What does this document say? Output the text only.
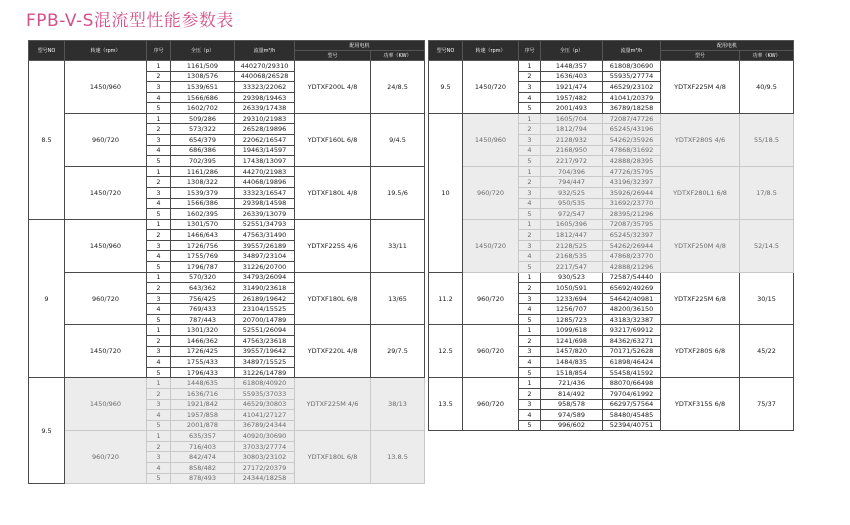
FPB-V-S混流型性能参数表
型号NO	转速（rpm）	序号	全压（p）	流量m³/h	配用电机	
					型号	功率（KW）
8.5	1450/960	1	1161/509	440270/29310	YDTXF200L 4/8	24/8.5
		2	1308/576	440068/26528		
		3	1539/651	33323/22062		
		4	1566/686	29398/19463		
		5	1602/702	26339/17438		
	960/720	1	509/286	29310/21983	YDTXF160L 6/8	9/4.5
		2	573/322	26528/19896		
		3	654/379	22062/16547		
		4	686/386	19463/14597		
		5	702/395	17438/13097		
	1450/720	1	1161/286	44270/21983	YDTXF180L 4/8	19.5/6
		2	1308/322	44068/19896		
		3	1539/379	33323/16547		
		4	1566/386	29398/14598		
		5	1602/395	26339/13079		
9	1450/960	1	1301/570	52551/34793	YDTXF225S 4/6	33/11
		2	1466/643	47563/31490		
		3	1726/756	39557/26189		
		4	1755/769	34897/23104		
		5	1796/787	31226/20700		
	960/720	1	570/320	34793/26094	YDTXF180L 6/8	13/65
		2	643/362	31490/23618		
		3	756/425	26189/19642		
		4	769/433	23104/15525		
		5	787/443	20700/14789		
	1450/720	1	1301/320	52551/26094	YDTXF220L 4/8	29/7.5
		2	1466/362	47563/23618		
		3	1726/425	39557/19642		
		4	1755/433	34897/15525		
		5	1796/433	31226/14789		
9.5	1450/960	1	1448/635	61808/40920	YDTXF225M 4/6	38/13
		2	1636/716	55935/37033		
		3	1921/842	46529/30803		
		4	1957/858	41041/27127		
		5	2001/878	36789/24344		
	960/720	1	635/357	40920/30690	YDTXF180L 6/8	13.8.5
		2	716/403	37033/27774		
		3	842/474	30803/23102		
		4	858/482	27172/20379		
		5	878/493	24344/18258		
型号NO	转速（rpm）	序号	全压（p）	流量m³/h	配用电机	
					型号	功率（KW）
9.5	1450/720	1	1448/357	61808/30690	YDTXF225M 4/8	40/9.5
		2	1636/403	55935/27774		
		3	1921/474	46529/23102		
		4	1957/482	41041/20379		
		5	2001/493	36789/18258		
10	1450/960	1	1605/704	72087/47726	YDTXF280S 4/6	55/18.5
		2	1812/794	65245/43196		
		3	2128/932	54262/35926		
		4	2168/950	47868/31692		
		5	2217/972	42888/28395		
	960/720	1	704/396	47726/35795	YDTXF280L1 6/8	17/8.5
		2	794/447	43196/32397		
		3	932/525	35926/26944		
		4	950/535	31692/23770		
		5	972/547	28395/21296		
	1450/720	1	1605/396	72087/35795	YDTXF250M 4/8	52/14.5
		2	1812/447	65245/32397		
		3	2128/525	54262/26944		
		4	2168/535	47868/23770		
		5	2217/547	42888/21296		
11.2	960/720	1	930/523	72587/54440	YDTXF225M 6/8	30/15
		2	1050/591	65692/49269		
		3	1233/694	54642/40981		
		4	1256/707	48200/36150		
		5	1285/723	43183/32387		
12.5	960/720	1	1099/618	93217/69912	YDTXF280S 6/8	45/22
		2	1241/698	84362/63271		
		3	1457/820	70171/52628		
		4	1484/835	61898/46424		
		5	1518/854	55458/41592		
13.5	960/720	1	721/436	88070/66498	YDTXF315S 6/8	75/37
		2	814/492	79704/61992		
		3	958/578	66297/57564		
		4	974/589	58480/45485		
		5	996/602	52394/40751		
